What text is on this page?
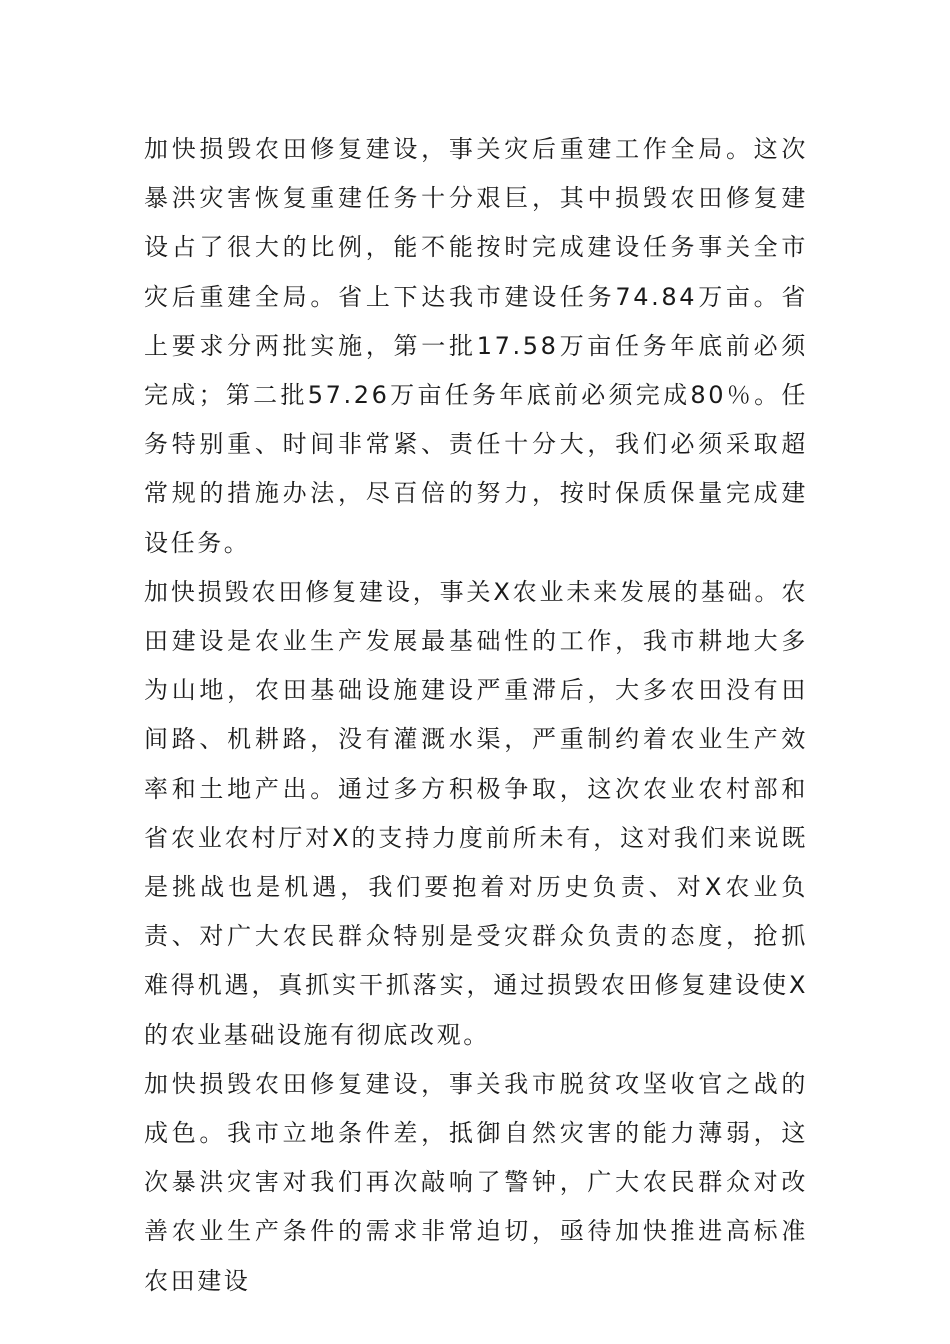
加快损毁农田修复建设，事关灾后重建工作全局。这次暴洪灾害恢复重建任务十分艰巨，其中损毁农田修复建设占了很大的比例，能不能按时完成建设任务事关全市灾后重建全局。省上下达我市建设任务74.84万亩。省上要求分两批实施，第一批17.58万亩任务年底前必须完成；第二批57.26万亩任务年底前必须完成80％。任务特别重、时间非常紧、责任十分大，我们必须采取超常规的措施办法，尽百倍的努力，按时保质保量完成建设任务。

加快损毁农田修复建设，事关X农业未来发展的基础。农田建设是农业生产发展最基础性的工作，我市耕地大多为山地，农田基础设施建设严重滞后，大多农田没有田间路、机耕路，没有灌溉水渠，严重制约着农业生产效率和土地产出。通过多方积极争取，这次农业农村部和省农业农村厅对X的支持力度前所未有，这对我们来说既是挑战也是机遇，我们要抱着对历史负责、对X农业负责、对广大农民群众特别是受灾群众负责的态度，抢抓难得机遇，真抓实干抓落实，通过损毁农田修复建设使X的农业基础设施有彻底改观。

加快损毁农田修复建设，事关我市脱贫攻坚收官之战的成色。我市立地条件差，抵御自然灾害的能力薄弱，这次暴洪灾害对我们再次敲响了警钟，广大农民群众对改善农业生产条件的需求非常迫切，亟待加快推进高标准农田建设
